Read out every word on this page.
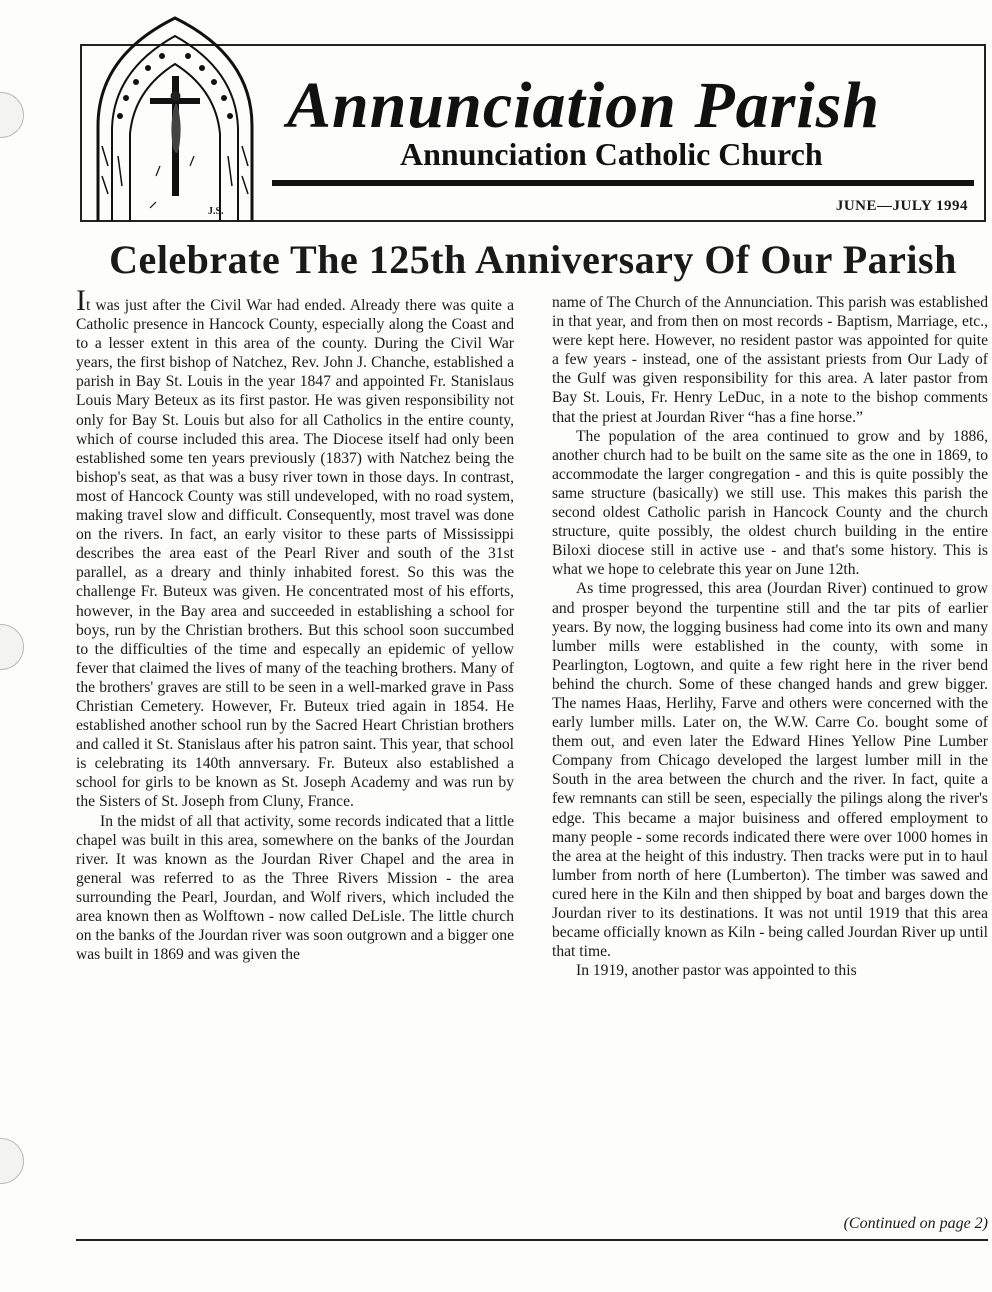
J.S.
Annunciation Parish
Annunciation Catholic Church
JUNE—JULY 1994
Celebrate The 125th Anniversary Of Our Parish

It was just after the Civil War had ended. Already there was quite a Catholic presence in Hancock County, especially along the Coast and to a lesser extent in this area of the county. During the Civil War years, the first bishop of Natchez, Rev. John J. Chanche, established a parish in Bay St. Louis in the year 1847 and appointed Fr. Stanislaus Louis Mary Beteux as its first pastor. He was given responsibility not only for Bay St. Louis but also for all Catholics in the entire county, which of course included this area. The Diocese itself had only been established some ten years previously (1837) with Natchez being the bishop's seat, as that was a busy river town in those days. In contrast, most of Hancock County was still undeveloped, with no road system, making travel slow and difficult. Consequently, most travel was done on the rivers. In fact, an early visitor to these parts of Mississippi describes the area east of the Pearl River and south of the 31st parallel, as a dreary and thinly inhabited forest. So this was the challenge Fr. Buteux was given. He concentrated most of his efforts, however, in the Bay area and succeeded in establishing a school for boys, run by the Christian brothers. But this school soon succumbed to the difficulties of the time and especally an epidemic of yellow fever that claimed the lives of many of the teaching brothers. Many of the brothers' graves are still to be seen in a well-marked grave in Pass Christian Cemetery. However, Fr. Buteux tried again in 1854. He established another school run by the Sacred Heart Christian brothers and called it St. Stanislaus after his patron saint. This year, that school is celebrating its 140th annversary. Fr. Buteux also established a school for girls to be known as St. Joseph Academy and was run by the Sisters of St. Joseph from Cluny, France.

In the midst of all that activity, some records indicated that a little chapel was built in this area, somewhere on the banks of the Jourdan river. It was known as the Jourdan River Chapel and the area in general was referred to as the Three Rivers Mission - the area surrounding the Pearl, Jourdan, and Wolf rivers, which included the area known then as Wolftown - now called DeLisle. The little church on the banks of the Jourdan river was soon outgrown and a bigger one was built in 1869 and was given the

name of The Church of the Annunciation. This parish was established in that year, and from then on most records - Baptism, Marriage, etc., were kept here. However, no resident pastor was appointed for quite a few years - instead, one of the assistant priests from Our Lady of the Gulf was given responsibility for this area. A later pastor from Bay St. Louis, Fr. Henry LeDuc, in a note to the bishop comments that the priest at Jourdan River “has a fine horse.”

The population of the area continued to grow and by 1886, another church had to be built on the same site as the one in 1869, to accommodate the larger congregation - and this is quite possibly the same structure (basically) we still use. This makes this parish the second oldest Catholic parish in Hancock County and the church structure, quite possibly, the oldest church building in the entire Biloxi diocese still in active use - and that's some history. This is what we hope to celebrate this year on June 12th.

As time progressed, this area (Jourdan River) continued to grow and prosper beyond the turpentine still and the tar pits of earlier years. By now, the logging business had come into its own and many lumber mills were established in the county, with some in Pearlington, Logtown, and quite a few right here in the river bend behind the church. Some of these changed hands and grew bigger. The names Haas, Herlihy, Farve and others were concerned with the early lumber mills. Later on, the W.W. Carre Co. bought some of them out, and even later the Edward Hines Yellow Pine Lumber Company from Chicago developed the largest lumber mill in the South in the area between the church and the river. In fact, quite a few remnants can still be seen, especially the pilings along the river's edge. This became a major buisiness and offered employment to many people - some records indicated there were over 1000 homes in the area at the height of this industry. Then tracks were put in to haul lumber from north of here (Lumberton). The timber was sawed and cured here in the Kiln and then shipped by boat and barges down the Jourdan river to its destinations. It was not until 1919 that this area became officially known as Kiln - being called Jourdan River up until that time.

In 1919, another pastor was appointed to this

(Continued on page 2)
